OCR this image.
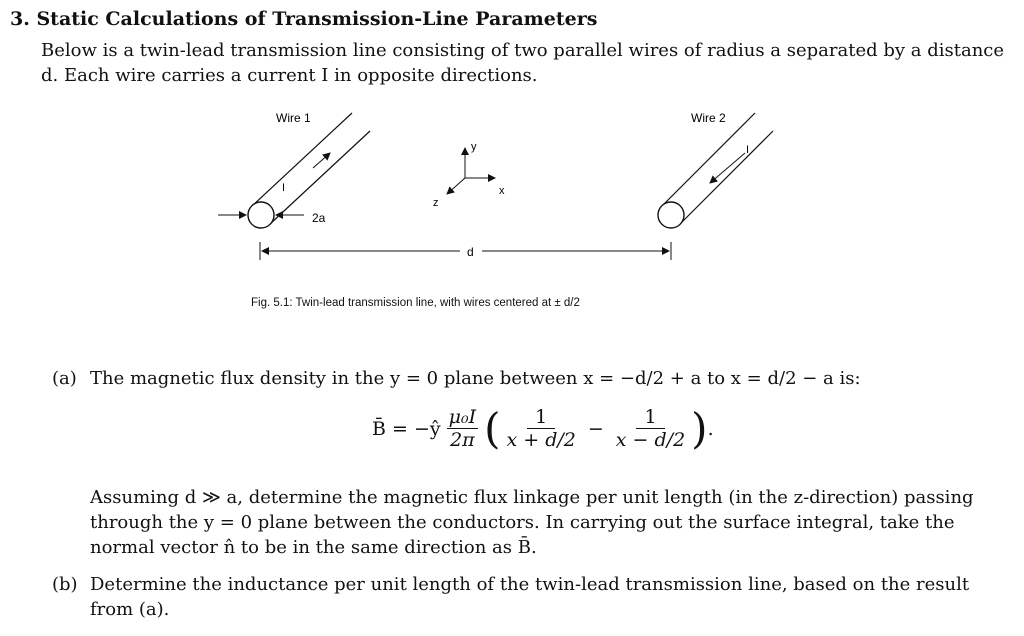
3. Static Calculations of Transmission-Line Parameters
Below is a twin-lead transmission line consisting of two parallel wires of radius a separated by a distance
d. Each wire carries a current I in opposite directions.
Wire 1
I
2a
y
x
z
Wire 2
I
d
Fig. 5.1: Twin-lead transmission line, with wires centered at ± d/2
(a) The magnetic flux density in the y = 0 plane between x = −d/2 + a to x = d/2 − a is:
B̄ = −ŷ $\frac{\text{μ₀I}}{2\pi}$ ( $\frac{1}{x + d/2} - \frac{1}{x - d/2}$ ) .
Assuming d ≫ a, determine the magnetic flux linkage per unit length (in the z-direction) passing
through the y = 0 plane between the conductors. In carrying out the surface integral, take the
normal vector n̂ to be in the same direction as B̄.
(b) Determine the inductance per unit length of the twin-lead transmission line, based on the result
from (a).
